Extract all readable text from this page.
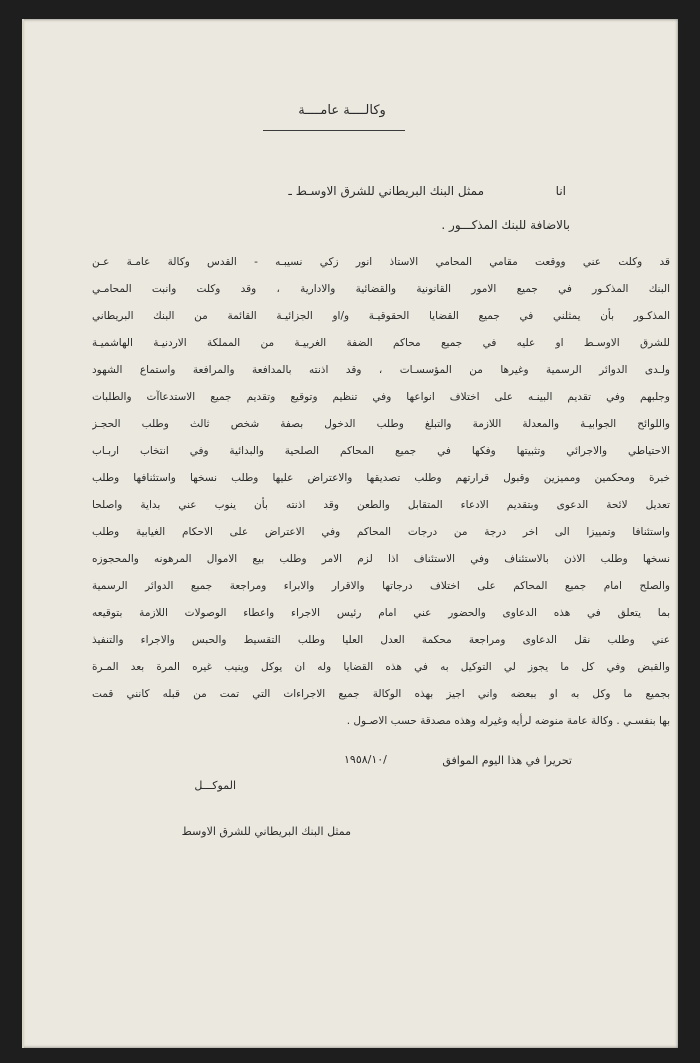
وكالــــة عامــــة
انا
ممثل البنك البريطاني للشرق الاوسـط ـ
بالاضافة للبنك المذكـــور .
قد وكلت عني ووقعت مقامي المحامي الاستاذ انور زكي نسيبـه - القدس وكالة عامـة عـن
البنك المذكـور في جميع الامور القانونية والقضائية والادارية ، وقد وكلت وانبت المحامـي
المذكـور بأن يمثلني في جميع القضايا الحقوقيـة و/او الجزائيـة القائمة من البنك البريطاني
للشرق الاوسـط او عليه في جميع محاكم الضفة الغربيـة من المملكة الاردنيـة الهاشميـة
ولـدى الدوائر الرسمية وغيرها من المؤسسـات ، وقد اذنته بالمدافعة والمرافعة واستماع الشهود
وجلبهم وفي تقديم البينـه على اختلاف انواعها وفي تنظيم وتوقيع وتقديم جميع الاستدعاآت والطلبات
واللوائح الجوابيـة والمعدلة اللازمة والتبلغ وطلب الدخول بصفة شخص ثالث وطلب الحجـز
الاحتياطي والاجرائي وتثبيتها وفكها في جميع المحاكم الصلحية والبدائية وفي انتخاب اربـاب
خبرة ومحكمين ومميزين وقبول قرارتهم وطلب تصديقها والاعتراض عليها وطلب نسخها واستئنافها وطلب
تعديل لائحة الدعوى وبتقديم الادعاء المتقابل والطعن وقد اذنته بأن ينوب عني بداية واصلحا
واستئنافا وتمييزا الى اخر درجة من درجات المحاكم وفي الاعتراض على الاحكام الغيابية وطلب
نسخها وطلب الاذن بالاستئناف وفي الاستئناف اذا لزم الامر وطلب بيع الاموال المرهونه والمحجوزه
والصلح امام جميع المحاكم على اختلاف درجاتها والاقرار والابراء ومراجعة جميع الدوائر الرسمية
بما يتعلق في هذه الدعاوى والحضور عني امام رئيس الاجراء واعطاء الوصولات اللازمة بتوقيعه
عني وطلب نقل الدعاوى ومراجعة محكمة العدل العليا وطلب التقسيط والحبس والاجراء والتنفيذ
والقبض وفي كل ما يجوز لي التوكيل به في هذه القضايا وله ان يوكل وينيب غيره المرة بعد المـرة
بجميع ما وكل به او ببعضه واني اجيز بهذه الوكالة جميع الاجراءات التي تمت من قبله كانني قمت
بها بنفسـي . وكالة عامة منوضه لرأيه وغيرله وهذه مصدقة حسب الاصـول .
تحريرا في هذا اليوم الموافق
١٩٥٨/١٠/
الموكـــل
ممثل البنك البريطاني للشرق الاوسط
